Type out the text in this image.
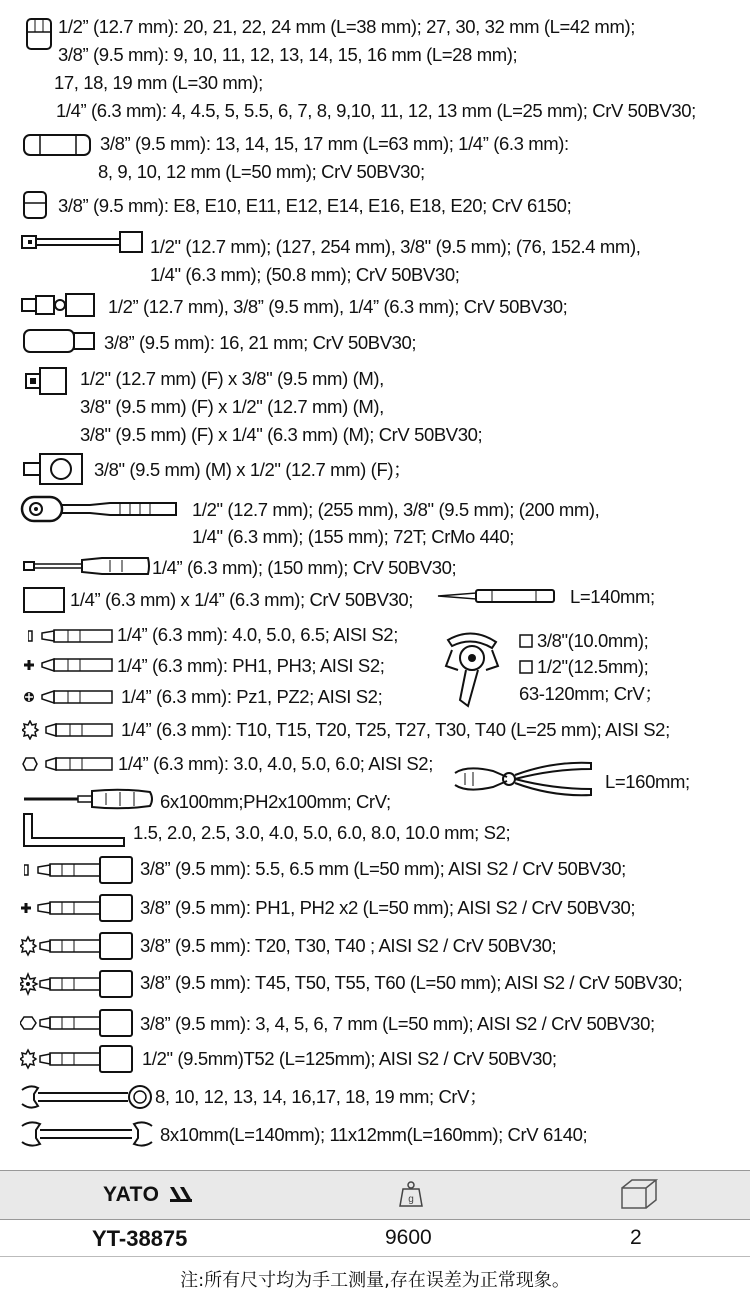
1/2” (12.7 mm): 20, 21, 22, 24 mm (L=38 mm); 27, 30, 32 mm (L=42 mm);
3/8” (9.5 mm): 9, 10, 11, 12, 13, 14, 15, 16 mm (L=28 mm);
17, 18, 19 mm (L=30 mm);
1/4” (6.3 mm): 4, 4.5, 5, 5.5, 6, 7, 8, 9,10, 11, 12, 13 mm (L=25 mm); CrV 50BV30;
3/8” (9.5 mm): 13, 14, 15, 17 mm (L=63 mm); 1/4” (6.3 mm):
8, 9, 10, 12 mm (L=50 mm); CrV 50BV30;
3/8” (9.5 mm): E8, E10, E11, E12, E14, E16, E18, E20; CrV 6150;
1/2" (12.7 mm); (127, 254 mm), 3/8" (9.5 mm); (76, 152.4 mm),
1/4" (6.3 mm); (50.8 mm); CrV 50BV30;
1/2” (12.7 mm), 3/8” (9.5 mm), 1/4” (6.3 mm); CrV 50BV30;
3/8” (9.5 mm): 16, 21 mm; CrV 50BV30;
1/2" (12.7 mm) (F) x 3/8" (9.5 mm) (M),
3/8" (9.5 mm) (F) x 1/2" (12.7 mm) (M),
3/8" (9.5 mm) (F) x 1/4" (6.3 mm) (M); CrV 50BV30;
3/8" (9.5 mm) (M) x 1/2" (12.7 mm) (F)；
1/2" (12.7 mm); (255 mm), 3/8" (9.5 mm); (200 mm),
1/4" (6.3 mm); (155 mm); 72T; CrMo 440;
1/4” (6.3 mm); (150 mm); CrV 50BV30;
1/4” (6.3 mm) x 1/4” (6.3 mm); CrV 50BV30;	L=140mm;
1/4” (6.3 mm): 4.0, 5.0, 6.5; AISI S2;	3/8"(10.0mm);
1/4” (6.3 mm): PH1, PH3; AISI S2;	1/2"(12.5mm);
1/4” (6.3 mm): Pz1, PZ2; AISI S2;	63-120mm; CrV；
1/4” (6.3 mm): T10, T15, T20, T25, T27, T30, T40 (L=25 mm); AISI S2;
1/4” (6.3 mm): 3.0, 4.0, 5.0, 6.0; AISI S2;
L=160mm;
6x100mm;PH2x100mm; CrV;
1.5, 2.0, 2.5, 3.0, 4.0, 5.0, 6.0, 8.0, 10.0 mm; S2;
3/8” (9.5 mm): 5.5, 6.5 mm (L=50 mm); AISI S2 / CrV 50BV30;
3/8” (9.5 mm): PH1, PH2 x2 (L=50 mm); AISI S2 / CrV 50BV30;
3/8” (9.5 mm): T20, T30, T40 ; AISI S2 / CrV 50BV30;
3/8” (9.5 mm): T45, T50, T55, T60 (L=50 mm); AISI S2 / CrV 50BV30;
3/8” (9.5 mm): 3, 4, 5, 6, 7 mm (L=50 mm); AISI S2 / CrV 50BV30;
1/2" (9.5mm)T52 (L=125mm); AISI S2 / CrV 50BV30;
8, 10, 12, 13, 14, 16,17, 18, 19 mm; CrV；
8x10mm(L=140mm); 11x12mm(L=160mm); CrV 6140;
YATO	g
YT-38875	9600	2
注:所有尺寸均为手工测量,存在误差为正常现象。
